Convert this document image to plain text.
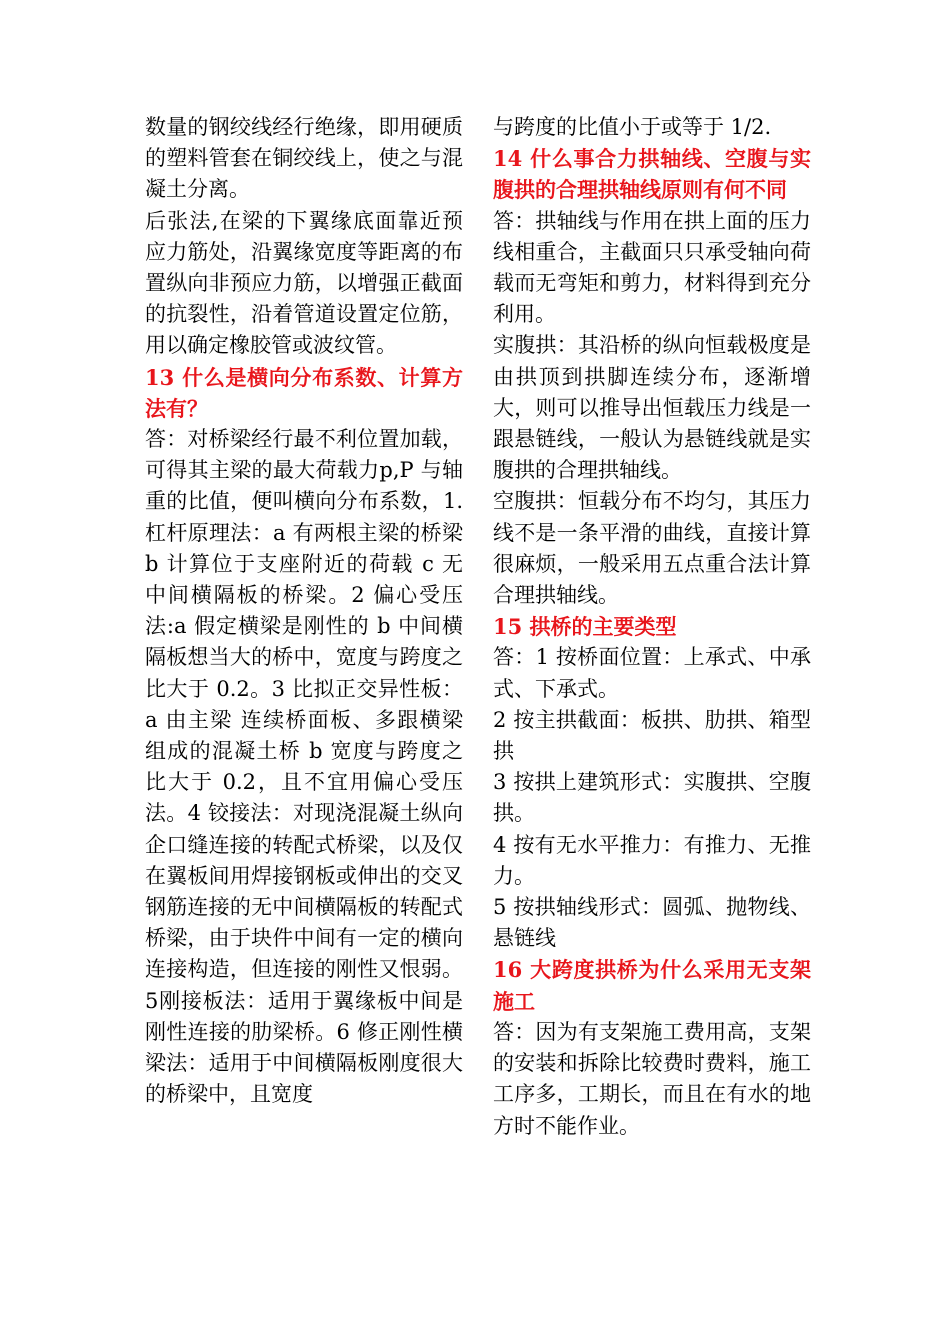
数量的钢绞线经行绝缘，即用硬质的塑料管套在铜绞线上，使之与混凝土分离。

后张法,在梁的下翼缘底面靠近预应力筋处，沿翼缘宽度等距离的布置纵向非预应力筋，以增强正截面的抗裂性，沿着管道设置定位筋，用以确定橡胶管或波纹管。

13 什么是横向分布系数、计算方法有？

答：对桥梁经行最不利位置加载，可得其主梁的最大荷载力p,P 与轴重的比值，便叫横向分布系数，1.杠杆原理法：a 有两根主梁的桥梁 b 计算位于支座附近的荷载 c 无中间横隔板的桥梁。2 偏心受压法:a 假定横梁是刚性的 b 中间横隔板想当大的桥中，宽度与跨度之比大于 0.2。3 比拟正交异性板：a 由主梁 连续桥面板、多跟横梁组成的混凝土桥 b 宽度与跨度之比大于 0.2，且不宜用偏心受压法。4 铰接法：对现浇混凝土纵向企口缝连接的转配式桥梁，以及仅在翼板间用焊接钢板或伸出的交叉钢筋连接的无中间横隔板的转配式桥梁，由于块件中间有一定的横向连接构造，但连接的刚性又恨弱。5刚接板法：适用于翼缘板中间是刚性连接的肋梁桥。6 修正刚性横梁法：适用于中间横隔板刚度很大的桥梁中，且宽度

与跨度的比值小于或等于 1/2.

14 什么事合力拱轴线、空腹与实腹拱的合理拱轴线原则有何不同

答：拱轴线与作用在拱上面的压力线相重合，主截面只只承受轴向荷载而无弯矩和剪力，材料得到充分利用。

实腹拱：其沿桥的纵向恒载极度是由拱顶到拱脚连续分布，逐渐增大，则可以推导出恒载压力线是一跟悬链线，一般认为悬链线就是实腹拱的合理拱轴线。

空腹拱：恒载分布不均匀，其压力线不是一条平滑的曲线，直接计算很麻烦，一般采用五点重合法计算合理拱轴线。

15 拱桥的主要类型

答：1 按桥面位置：上承式、中承式、下承式。

2 按主拱截面：板拱、肋拱、箱型拱

3 按拱上建筑形式：实腹拱、空腹拱。

4 按有无水平推力：有推力、无推力。

5 按拱轴线形式：圆弧、抛物线、悬链线

16 大跨度拱桥为什么采用无支架施工

答：因为有支架施工费用高，支架的安装和拆除比较费时费料，施工工序多，工期长，而且在有水的地方时不能作业。
